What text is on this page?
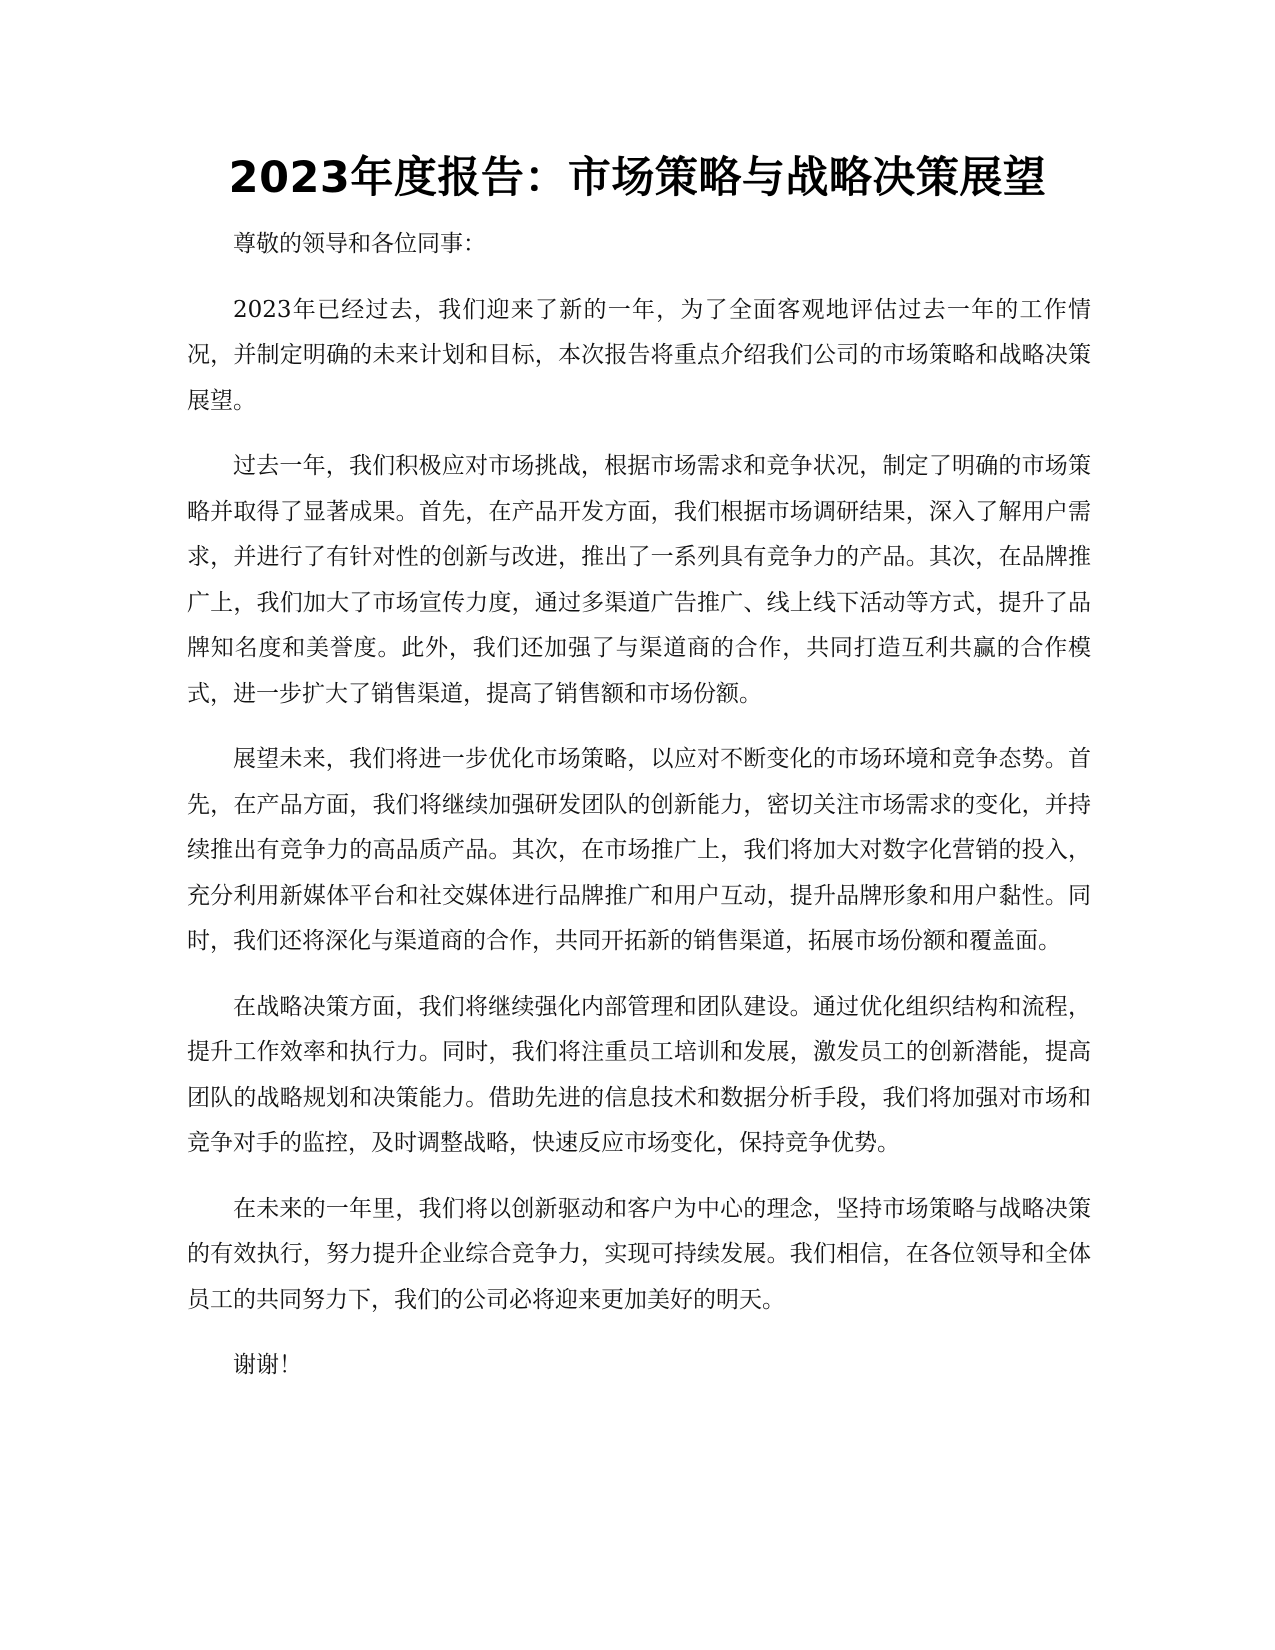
2023年度报告：市场策略与战略决策展望

尊敬的领导和各位同事：

2023年已经过去，我们迎来了新的一年，为了全面客观地评估过去一年的工作情况，并制定明确的未来计划和目标，本次报告将重点介绍我们公司的市场策略和战略决策展望。

过去一年，我们积极应对市场挑战，根据市场需求和竞争状况，制定了明确的市场策略并取得了显著成果。首先，在产品开发方面，我们根据市场调研结果，深入了解用户需求，并进行了有针对性的创新与改进，推出了一系列具有竞争力的产品。其次，在品牌推广上，我们加大了市场宣传力度，通过多渠道广告推广、线上线下活动等方式，提升了品牌知名度和美誉度。此外，我们还加强了与渠道商的合作，共同打造互利共赢的合作模式，进一步扩大了销售渠道，提高了销售额和市场份额。

展望未来，我们将进一步优化市场策略，以应对不断变化的市场环境和竞争态势。首先，在产品方面，我们将继续加强研发团队的创新能力，密切关注市场需求的变化，并持续推出有竞争力的高品质产品。其次，在市场推广上，我们将加大对数字化营销的投入，充分利用新媒体平台和社交媒体进行品牌推广和用户互动，提升品牌形象和用户黏性。同时，我们还将深化与渠道商的合作，共同开拓新的销售渠道，拓展市场份额和覆盖面。

在战略决策方面，我们将继续强化内部管理和团队建设。通过优化组织结构和流程，提升工作效率和执行力。同时，我们将注重员工培训和发展，激发员工的创新潜能，提高团队的战略规划和决策能力。借助先进的信息技术和数据分析手段，我们将加强对市场和竞争对手的监控，及时调整战略，快速反应市场变化，保持竞争优势。

在未来的一年里，我们将以创新驱动和客户为中心的理念，坚持市场策略与战略决策的有效执行，努力提升企业综合竞争力，实现可持续发展。我们相信，在各位领导和全体员工的共同努力下，我们的公司必将迎来更加美好的明天。

谢谢！
